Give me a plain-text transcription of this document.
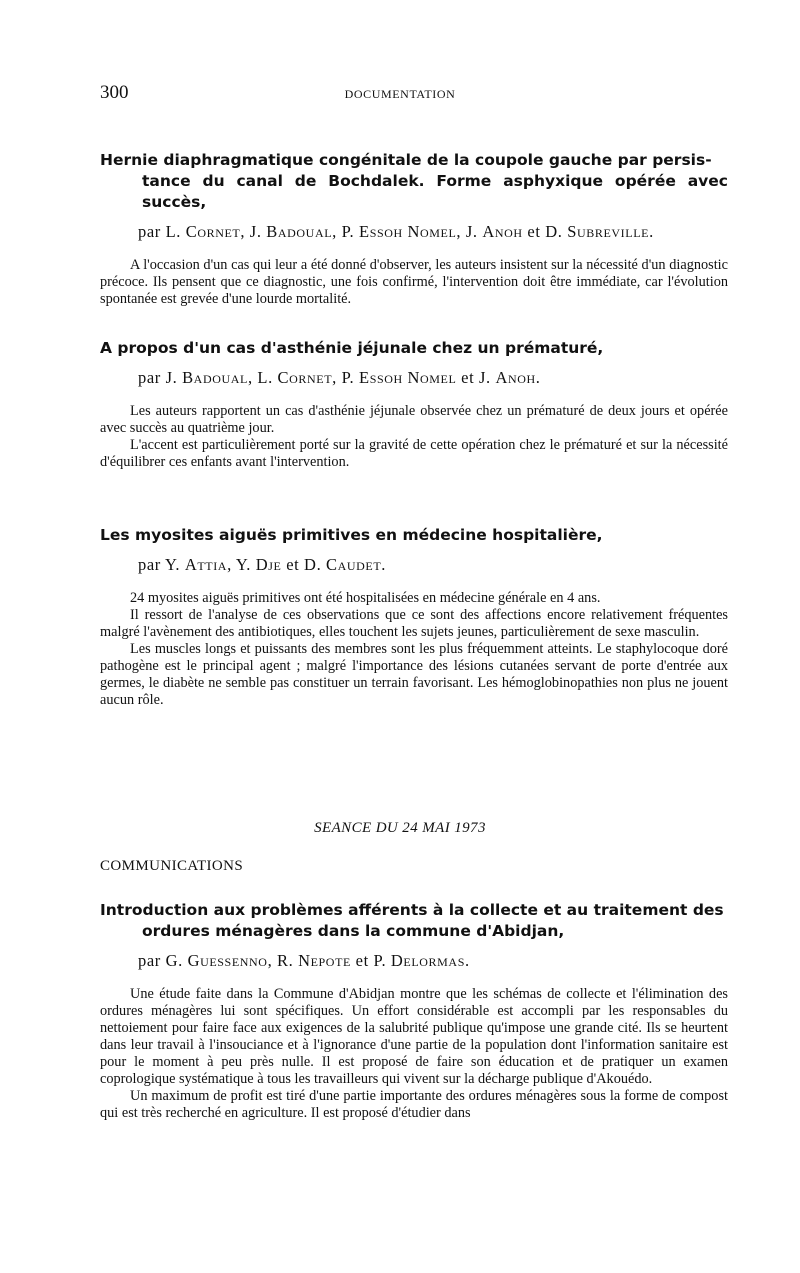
300	DOCUMENTATION
Hernie diaphragmatique congénitale de la coupole gauche par persis-
tance du canal de Bochdalek. Forme asphyxique opérée avec succès,
par L. Cornet, J. Badoual, P. Essoh Nomel, J. Anoh et D. Subreville.

A l'occasion d'un cas qui leur a été donné d'observer, les auteurs insistent sur la nécessité d'un diagnostic précoce. Ils pensent que ce diagnostic, une fois confirmé, l'intervention doit être immédiate, car l'évolution spontanée est grevée d'une lourde mortalité.

A propos d'un cas d'asthénie jéjunale chez un prématuré,
par J. Badoual, L. Cornet, P. Essoh Nomel et J. Anoh.

Les auteurs rapportent un cas d'asthénie jéjunale observée chez un prématuré de deux jours et opérée avec succès au quatrième jour.

L'accent est particulièrement porté sur la gravité de cette opération chez le prématuré et sur la nécessité d'équilibrer ces enfants avant l'intervention.

Les myosites aiguës primitives en médecine hospitalière,
par Y. Attia, Y. Dje et D. Caudet.

24 myosites aiguës primitives ont été hospitalisées en médecine générale en 4 ans.

Il ressort de l'analyse de ces observations que ce sont des affections encore relativement fréquentes malgré l'avènement des antibiotiques, elles touchent les sujets jeunes, particulièrement de sexe masculin.

Les muscles longs et puissants des membres sont les plus fréquemment atteints. Le staphylocoque doré pathogène est le principal agent ; malgré l'importance des lésions cutanées servant de porte d'entrée aux germes, le diabète ne semble pas constituer un terrain favorisant. Les hémoglobinopathies non plus ne jouent aucun rôle.

SEANCE DU 24 MAI 1973
COMMUNICATIONS
Introduction aux problèmes afférents à la collecte et au traitement des
ordures ménagères dans la commune d'Abidjan,
par G. Guessenno, R. Nepote et P. Delormas.

Une étude faite dans la Commune d'Abidjan montre que les schémas de collecte et l'élimination des ordures ménagères lui sont spécifiques. Un effort considérable est accompli par les responsables du nettoiement pour faire face aux exigences de la salubrité publique qu'impose une grande cité. Ils se heurtent dans leur travail à l'insouciance et à l'ignorance d'une partie de la population dont l'information sanitaire est pour le moment à peu près nulle. Il est proposé de faire son éducation et de pratiquer un examen coprologique systématique à tous les travailleurs qui vivent sur la décharge publique d'Akouédo.

Un maximum de profit est tiré d'une partie importante des ordures ménagères sous la forme de compost qui est très recherché en agriculture. Il est proposé d'étudier dans
